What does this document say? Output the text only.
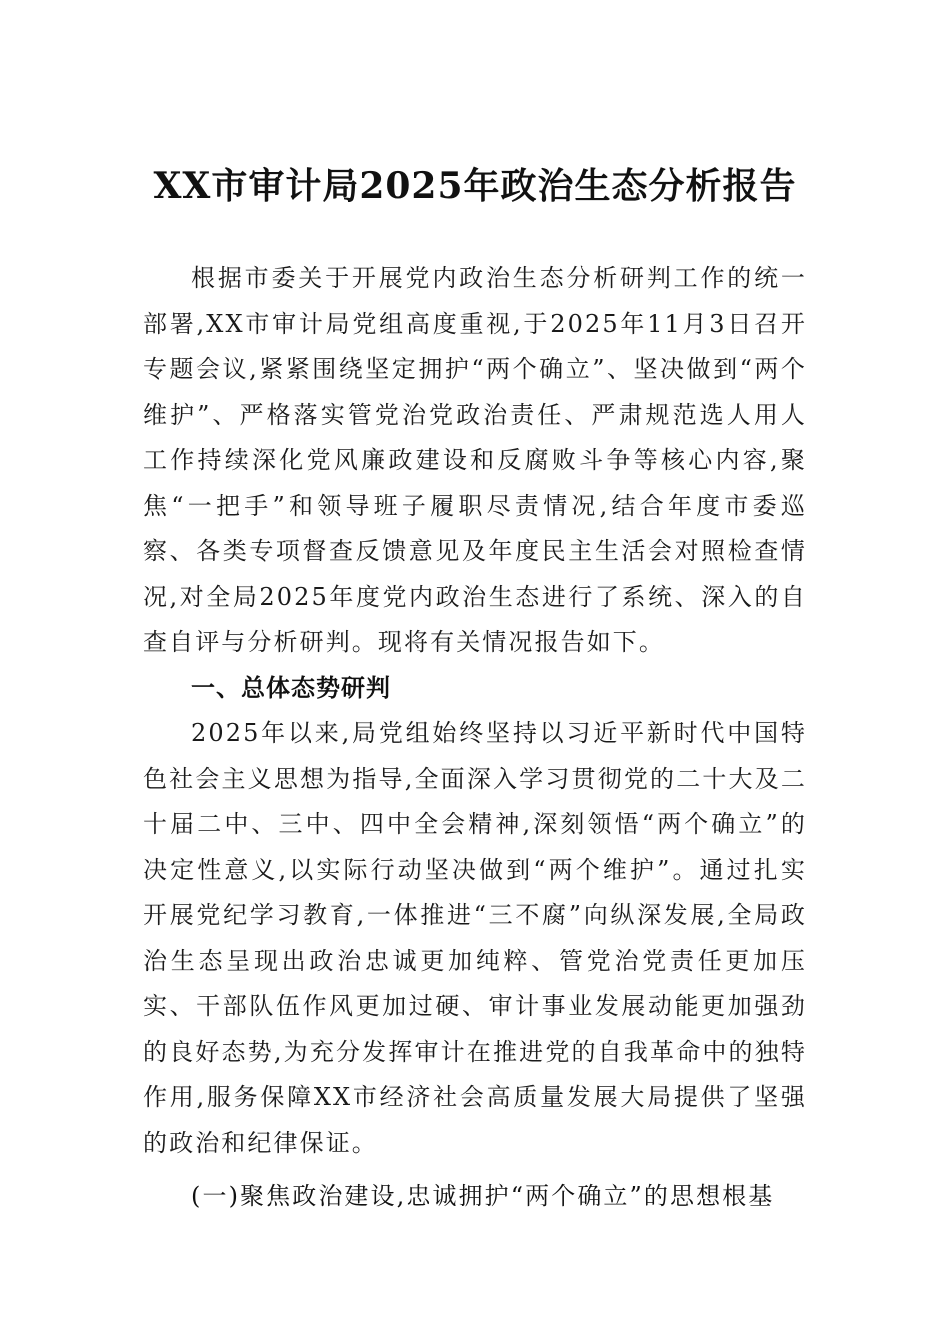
XX市审计局2025年政治生态分析报告

根据市委关于开展党内政治生态分析研判工作的统一部署,XX市审计局党组高度重视,于2025年11月3日召开专题会议,紧紧围绕坚定拥护“两个确立”、坚决做到“两个维护”、严格落实管党治党政治责任、严肃规范选人用人工作持续深化党风廉政建设和反腐败斗争等核心内容,聚焦“一把手”和领导班子履职尽责情况,结合年度市委巡察、各类专项督查反馈意见及年度民主生活会对照检查情况,对全局2025年度党内政治生态进行了系统、深入的自查自评与分析研判。现将有关情况报告如下。

一、总体态势研判

2025年以来,局党组始终坚持以习近平新时代中国特色社会主义思想为指导,全面深入学习贯彻党的二十大及二十届二中、三中、四中全会精神,深刻领悟“两个确立”的决定性意义,以实际行动坚决做到“两个维护”。通过扎实开展党纪学习教育,一体推进“三不腐”向纵深发展,全局政治生态呈现出政治忠诚更加纯粹、管党治党责任更加压实、干部队伍作风更加过硬、审计事业发展动能更加强劲的良好态势,为充分发挥审计在推进党的自我革命中的独特作用,服务保障XX市经济社会高质量发展大局提供了坚强的政治和纪律保证。

(一)聚焦政治建设,忠诚拥护“两个确立”的思想根基
